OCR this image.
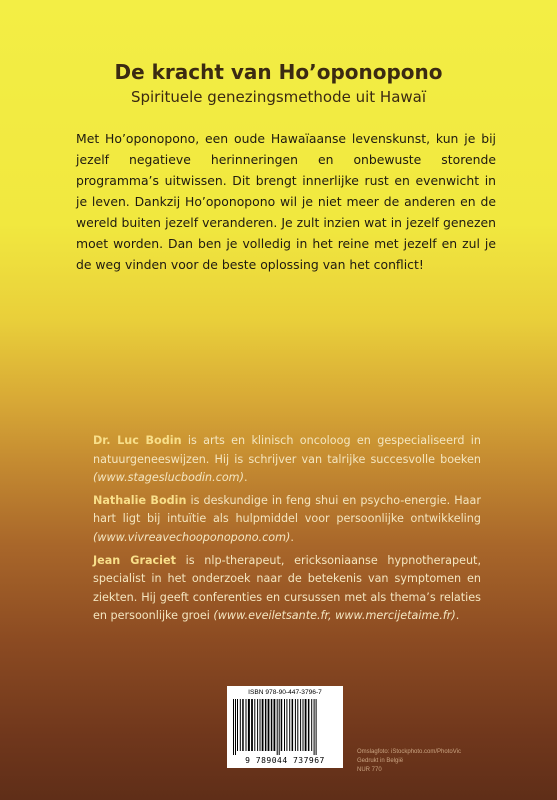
De kracht van Ho’oponopono
Spirituele genezingsmethode uit Hawaï
Met Ho’oponopono, een oude Hawaïaanse levenskunst, kun je bij jezelf negatieve herinneringen en onbewuste storende programma’s uitwissen. Dit brengt innerlijke rust en evenwicht in je leven. Dankzij Ho’oponopono wil je niet meer de anderen en de wereld buiten jezelf veranderen. Je zult inzien wat in jezelf genezen moet worden. Dan ben je volledig in het reine met jezelf en zul je de weg vinden voor de beste oplossing van het conflict!

Dr. Luc Bodin is arts en klinisch oncoloog en gespecialiseerd in natuurgeneeswijzen. Hij is schrijver van talrijke succesvolle boeken (www.stageslucbodin.com).

Nathalie Bodin is deskundige in feng shui en psycho-energie. Haar hart ligt bij intuïtie als hulpmiddel voor persoonlijke ontwikkeling (www.vivreavechooponopono.com).

Jean Graciet is nlp-therapeut, ericksoniaanse hypnotherapeut, specialist in het onderzoek naar de betekenis van symptomen en ziekten. Hij geeft conferenties en cursussen met als thema’s relaties en persoonlijke groei (www.eveiletsante.fr, www.mercijetaime.fr).

ISBN 978-90-447-3796-7
9 789044 737967
Omslagfoto: iStockphoto.com/PhotoVic
Gedrukt in België
NUR 770
